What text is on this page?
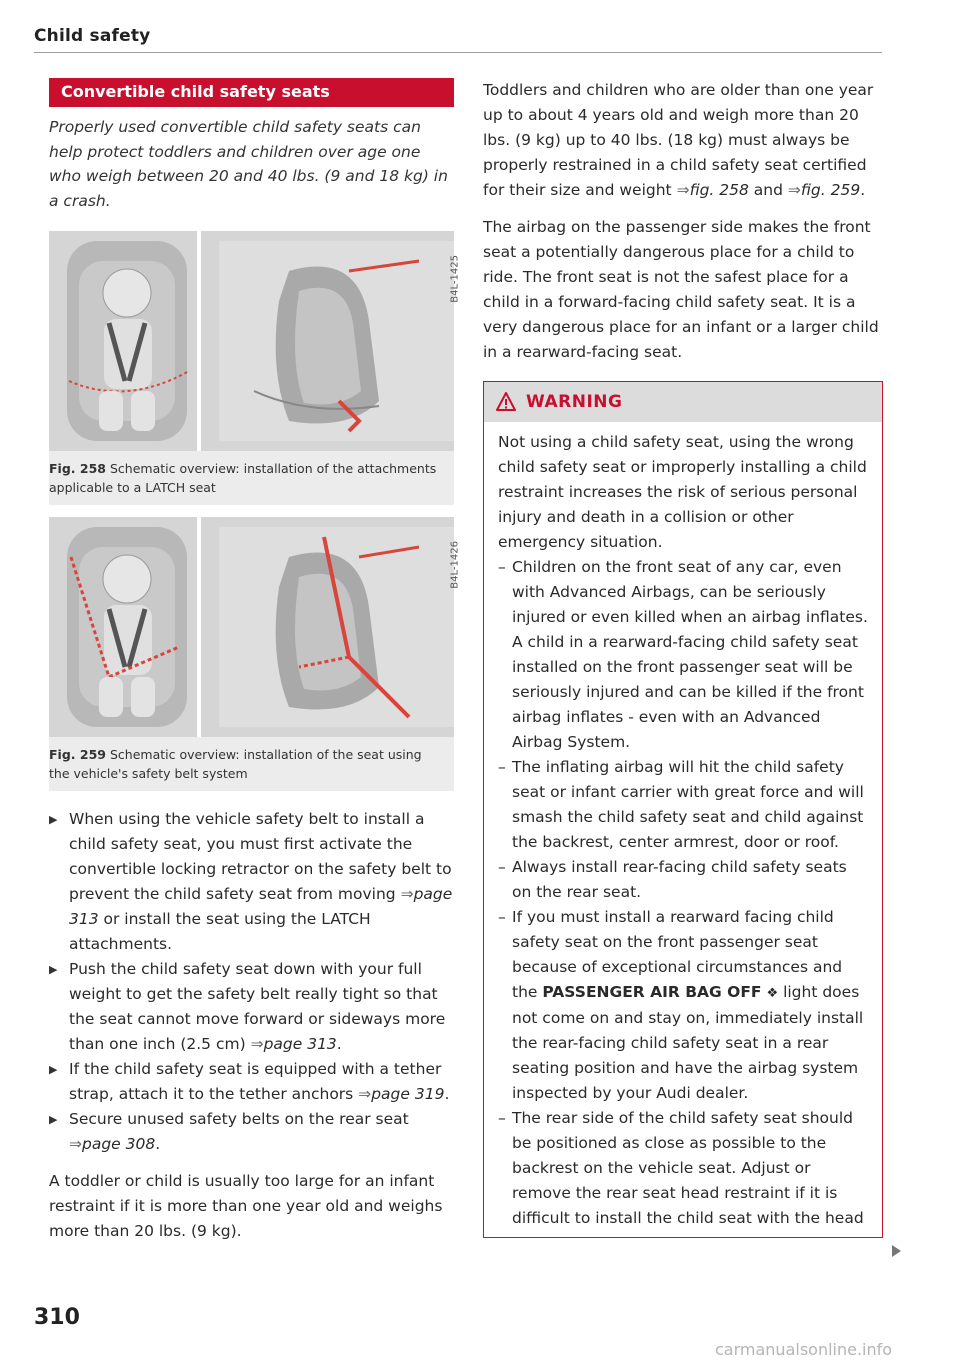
Child safety
Convertible child safety seats
Properly used convertible child safety seats can help protect toddlers and children over age one who weigh between 20 and 40 lbs. (9 and 18 kg) in a crash.
B4L-1425
Fig. 258 Schematic overview: installation of the attachments applicable to a LATCH seat
B4L-1426
Fig. 259 Schematic overview: installation of the seat using the vehicle's safety belt system
▶ When using the vehicle safety belt to install a child safety seat, you must first activate the convertible locking retractor on the safety belt to prevent the child safety seat from moving ⇒page 313 or install the seat using the LATCH attachments.
▶ Push the child safety seat down with your full weight to get the safety belt really tight so that the seat cannot move forward or sideways more than one inch (2.5 cm) ⇒page 313.
▶ If the child safety seat is equipped with a tether strap, attach it to the tether anchors ⇒page 319.
▶ Secure unused safety belts on the rear seat ⇒page 308.
A toddler or child is usually too large for an infant restraint if it is more than one year old and weighs more than 20 lbs. (9 kg).
Toddlers and children who are older than one year up to about 4 years old and weigh more than 20 lbs. (9 kg) up to 40 lbs. (18 kg) must always be properly restrained in a child safety seat certified for their size and weight ⇒fig. 258 and ⇒fig. 259.
The airbag on the passenger side makes the front seat a potentially dangerous place for a child to ride. The front seat is not the safest place for a child in a forward-facing child safety seat. It is a very dangerous place for an infant or a larger child in a rearward-facing seat.
WARNING
Not using a child safety seat, using the wrong child safety seat or improperly installing a child restraint increases the risk of serious personal injury and death in a collision or other emergency situation.
– Children on the front seat of any car, even with Advanced Airbags, can be seriously injured or even killed when an airbag inflates. A child in a rearward-facing child safety seat installed on the front passenger seat will be seriously injured and can be killed if the front airbag inflates - even with an Advanced Airbag System.
– The inflating airbag will hit the child safety seat or infant carrier with great force and will smash the child safety seat and child against the backrest, center armrest, door or roof.
– Always install rear-facing child safety seats on the rear seat.
– If you must install a rearward facing child safety seat on the front passenger seat because of exceptional circumstances and the PASSENGER AIR BAG OFF ❖ light does not come on and stay on, immediately install the rear-facing child safety seat in a rear seating position and have the airbag system inspected by your Audi dealer.
– The rear side of the child safety seat should be positioned as close as possible to the backrest on the vehicle seat. Adjust or remove the rear seat head restraint if it is difficult to install the child seat with the head
310
carmanualsonline.info
